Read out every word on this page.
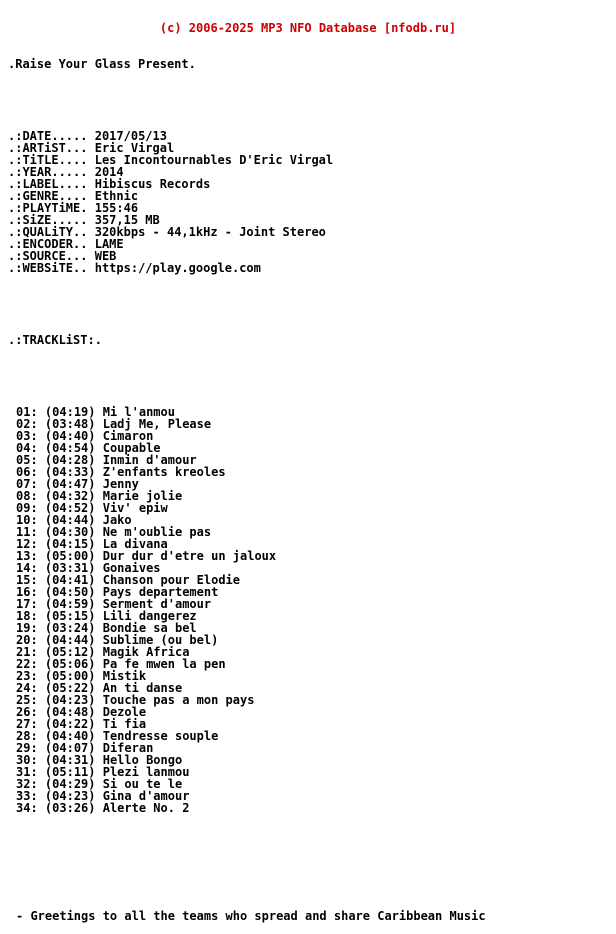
(c) 2006-2025 MP3 NFO Database [nfodb.ru]

.Raise Your Glass Present.

.:DATE..... 2017/05/13
.:ARTiST... Eric Virgal
.:TiTLE.... Les Incontournables D'Eric Virgal
.:YEAR..... 2014
.:LABEL.... Hibiscus Records
.:GENRE.... Ethnic
.:PLAYTiME. 155:46
.:SiZE..... 357,15 MB
.:QUALiTY.. 320kbps - 44,1kHz - Joint Stereo
.:ENCODER.. LAME
.:SOURCE... WEB
.:WEBSiTE.. https://play.google.com

.:TRACKLiST:.

01: (04:19) Mi l'anmou
02: (03:48) Ladj Me, Please
03: (04:40) Cimaron
04: (04:54) Coupable
05: (04:28) Inmin d'amour
06: (04:33) Z'enfants kreoles
07: (04:47) Jenny
08: (04:32) Marie jolie
09: (04:52) Viv' epiw
10: (04:44) Jako
11: (04:30) Ne m'oublie pas
12: (04:15) La divana
13: (05:00) Dur dur d'etre un jaloux
14: (03:31) Gonaives
15: (04:41) Chanson pour Elodie
16: (04:50) Pays departement
17: (04:59) Serment d'amour
18: (05:15) Lili dangerez
19: (03:24) Bondie sa bel
20: (04:44) Sublime (ou bel)
21: (05:12) Magik Africa
22: (05:06) Pa fe mwen la pen
23: (05:00) Mistik
24: (05:22) An ti danse
25: (04:23) Touche pas a mon pays
26: (04:48) Dezole
27: (04:22) Ti fia
28: (04:40) Tendresse souple
29: (04:07) Diferan
30: (04:31) Hello Bongo
31: (05:11) Plezi lanmou
32: (04:29) Si ou te le
33: (04:23) Gina d'amour
34: (03:26) Alerte No. 2

- Greetings to all the teams who spread and share Caribbean Music
